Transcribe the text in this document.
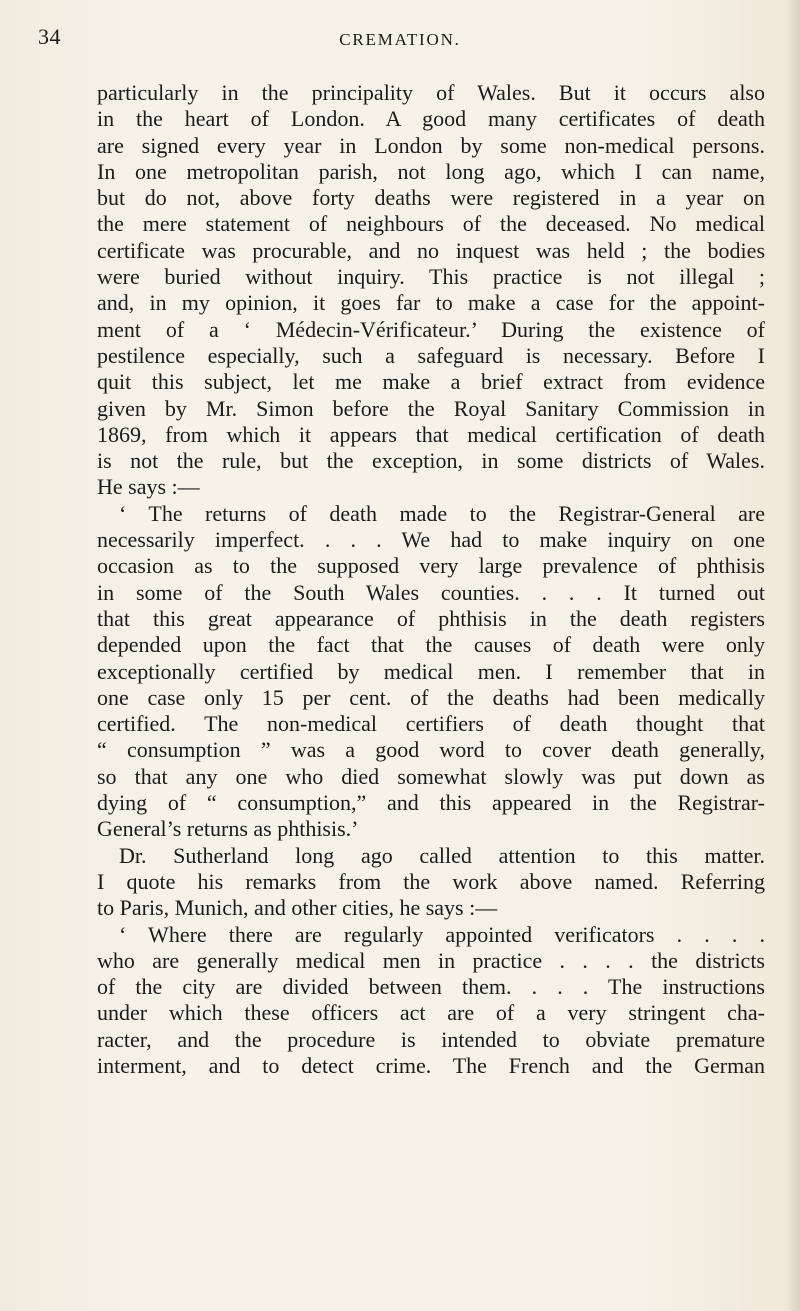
34	CREMATION.
particularly in the principality of Wales. But it occurs also
in the heart of London. A good many certificates of death
are signed every year in London by some non-medical persons.
In one metropolitan parish, not long ago, which I can name,
but do not, above forty deaths were registered in a year on
the mere statement of neighbours of the deceased. No medical
certificate was procurable, and no inquest was held ; the bodies
were buried without inquiry. This practice is not illegal ;
and, in my opinion, it goes far to make a case for the appoint-
ment of a ‘ Médecin-Vérificateur.’ During the existence of
pestilence especially, such a safeguard is necessary. Before I
quit this subject, let me make a brief extract from evidence
given by Mr. Simon before the Royal Sanitary Commission in
1869, from which it appears that medical certification of death
is not the rule, but the exception, in some districts of Wales.
He says :—
‘ The returns of death made to the Registrar-General are
necessarily imperfect. . . . We had to make inquiry on one
occasion as to the supposed very large prevalence of phthisis
in some of the South Wales counties. . . . It turned out
that this great appearance of phthisis in the death registers
depended upon the fact that the causes of death were only
exceptionally certified by medical men. I remember that in
one case only 15 per cent. of the deaths had been medically
certified. The non-medical certifiers of death thought that
“ consumption ” was a good word to cover death generally,
so that any one who died somewhat slowly was put down as
dying of “ consumption,” and this appeared in the Registrar-
General’s returns as phthisis.’
Dr. Sutherland long ago called attention to this matter.
I quote his remarks from the work above named. Referring
to Paris, Munich, and other cities, he says :—
‘ Where there are regularly appointed verificators . . . .
who are generally medical men in practice . . . . the districts
of the city are divided between them. . . . The instructions
under which these officers act are of a very stringent cha-
racter, and the procedure is intended to obviate premature
interment, and to detect crime. The French and the German
